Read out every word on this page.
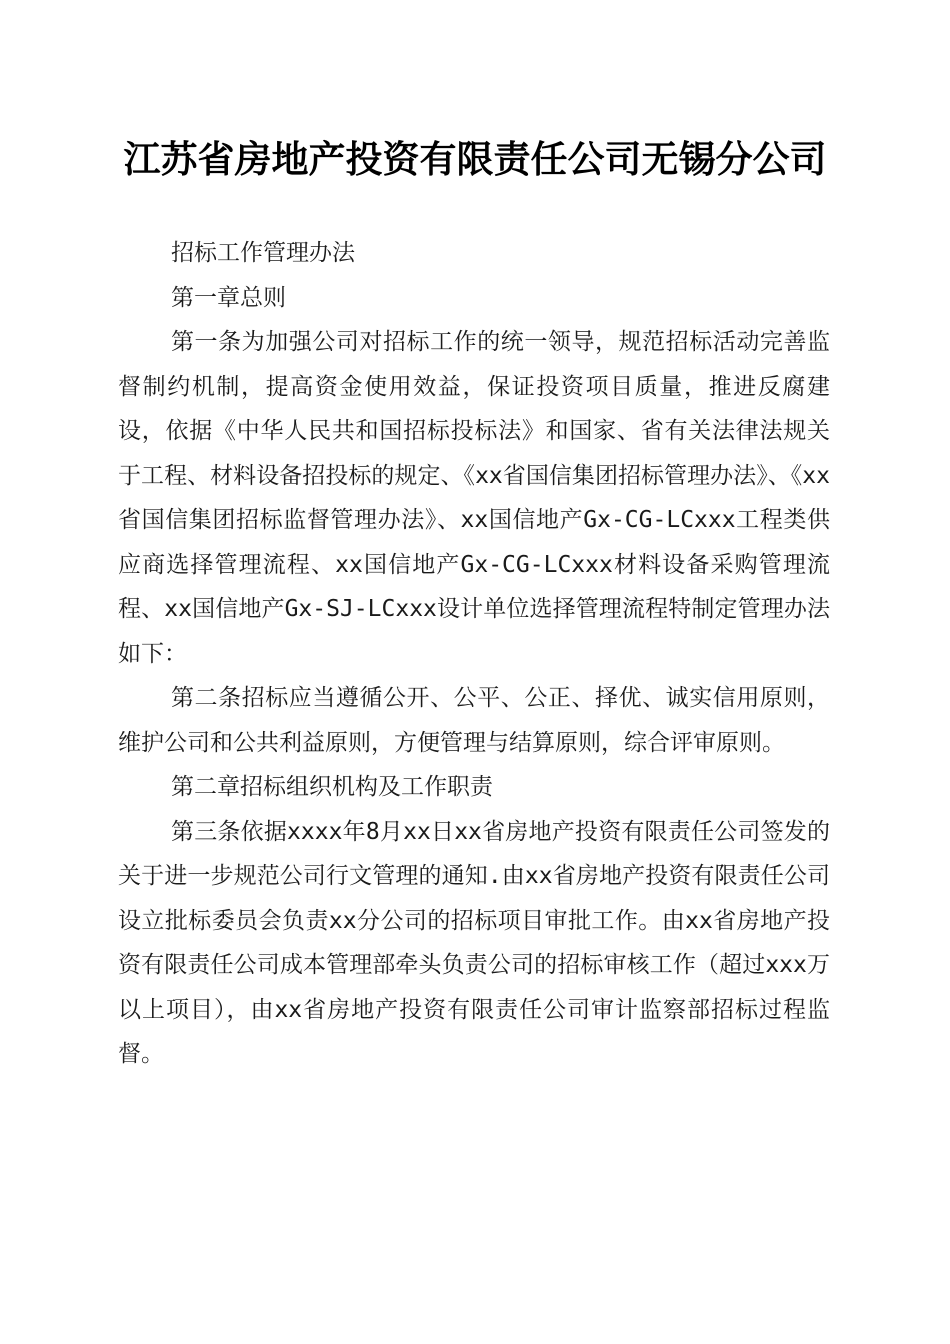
江苏省房地产投资有限责任公司无锡分公司

招标工作管理办法

第一章总则

第一条为加强公司对招标工作的统一领导，规范招标活动完善监督制约机制，提高资金使用效益，保证投资项目质量，推进反腐建设，依据《中华人民共和国招标投标法》和国家、省有关法律法规关于工程、材料设备招投标的规定、《xx省国信集团招标管理办法》、《xx省国信集团招标监督管理办法》、xx国信地产Gx-CG-LCxxx工程类供应商选择管理流程、xx国信地产Gx-CG-LCxxx材料设备采购管理流程、xx国信地产Gx-SJ-LCxxx设计单位选择管理流程特制定管理办法如下：

第二条招标应当遵循公开、公平、公正、择优、诚实信用原则，维护公司和公共利益原则，方便管理与结算原则，综合评审原则。

第二章招标组织机构及工作职责

第三条依据xxxx年8月xx日xx省房地产投资有限责任公司签发的关于进一步规范公司行文管理的通知.由xx省房地产投资有限责任公司设立批标委员会负责xx分公司的招标项目审批工作。由xx省房地产投资有限责任公司成本管理部牵头负责公司的招标审核工作（超过xxx万以上项目），由xx省房地产投资有限责任公司审计监察部招标过程监督。
